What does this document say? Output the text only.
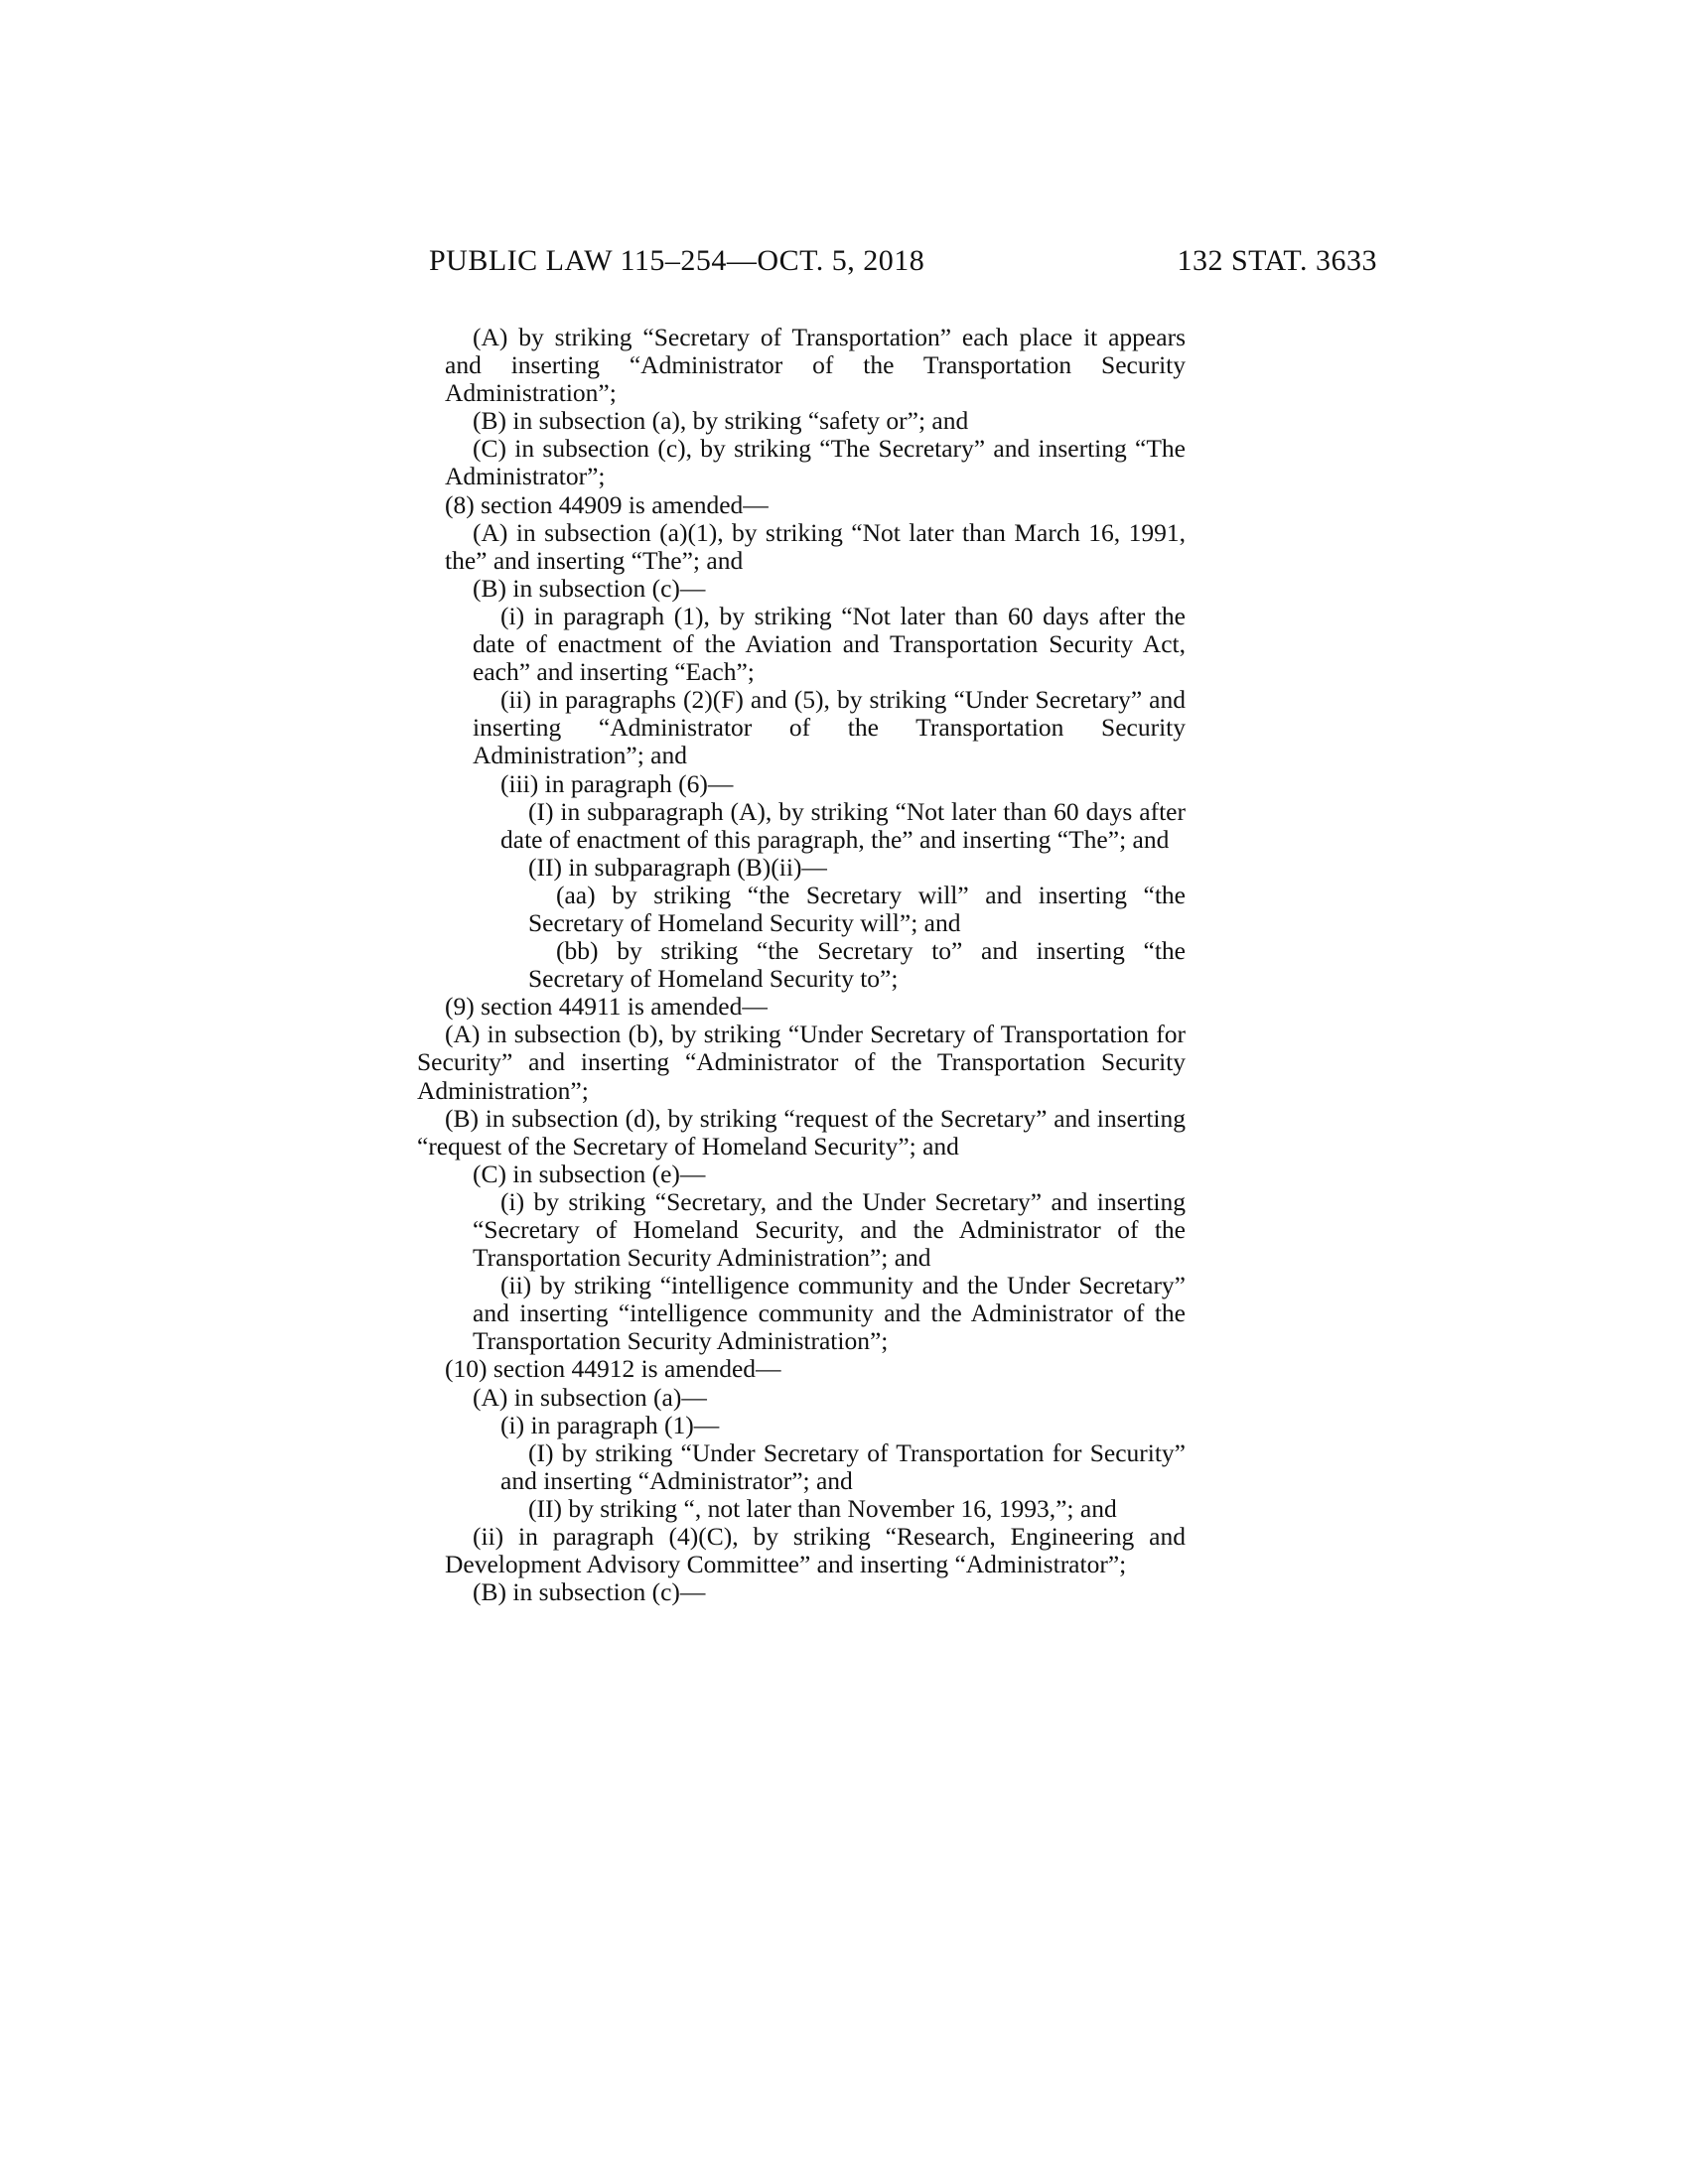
PUBLIC LAW 115–254—OCT. 5, 2018	132 STAT. 3633

(A) by striking “Secretary of Transportation” each place it appears and inserting “Administrator of the Transportation Security Administration”;

(B) in subsection (a), by striking “safety or”; and

(C) in subsection (c), by striking “The Secretary” and inserting “The Administrator”;

(8) section 44909 is amended—

(A) in subsection (a)(1), by striking “Not later than March 16, 1991, the” and inserting “The”; and

(B) in subsection (c)—

(i) in paragraph (1), by striking “Not later than 60 days after the date of enactment of the Aviation and Transportation Security Act, each” and inserting “Each”;

(ii) in paragraphs (2)(F) and (5), by striking “Under Secretary” and inserting “Administrator of the Transportation Security Administration”; and

(iii) in paragraph (6)—

(I) in subparagraph (A), by striking “Not later than 60 days after date of enactment of this paragraph, the” and inserting “The”; and

(II) in subparagraph (B)(ii)—

(aa) by striking “the Secretary will” and inserting “the Secretary of Homeland Security will”; and

(bb) by striking “the Secretary to” and inserting “the Secretary of Homeland Security to”;

(9) section 44911 is amended—

(A) in subsection (b), by striking “Under Secretary of Transportation for Security” and inserting “Administrator of the Transportation Security Administration”;

(B) in subsection (d), by striking “request of the Secretary” and inserting “request of the Secretary of Homeland Security”; and

(C) in subsection (e)—

(i) by striking “Secretary, and the Under Secretary” and inserting “Secretary of Homeland Security, and the Administrator of the Transportation Security Administration”; and

(ii) by striking “intelligence community and the Under Secretary” and inserting “intelligence community and the Administrator of the Transportation Security Administration”;

(10) section 44912 is amended—

(A) in subsection (a)—

(i) in paragraph (1)—

(I) by striking “Under Secretary of Transportation for Security” and inserting “Administrator”; and

(II) by striking “, not later than November 16, 1993,”; and

(ii) in paragraph (4)(C), by striking “Research, Engineering and Development Advisory Committee” and inserting “Administrator”;

(B) in subsection (c)—
